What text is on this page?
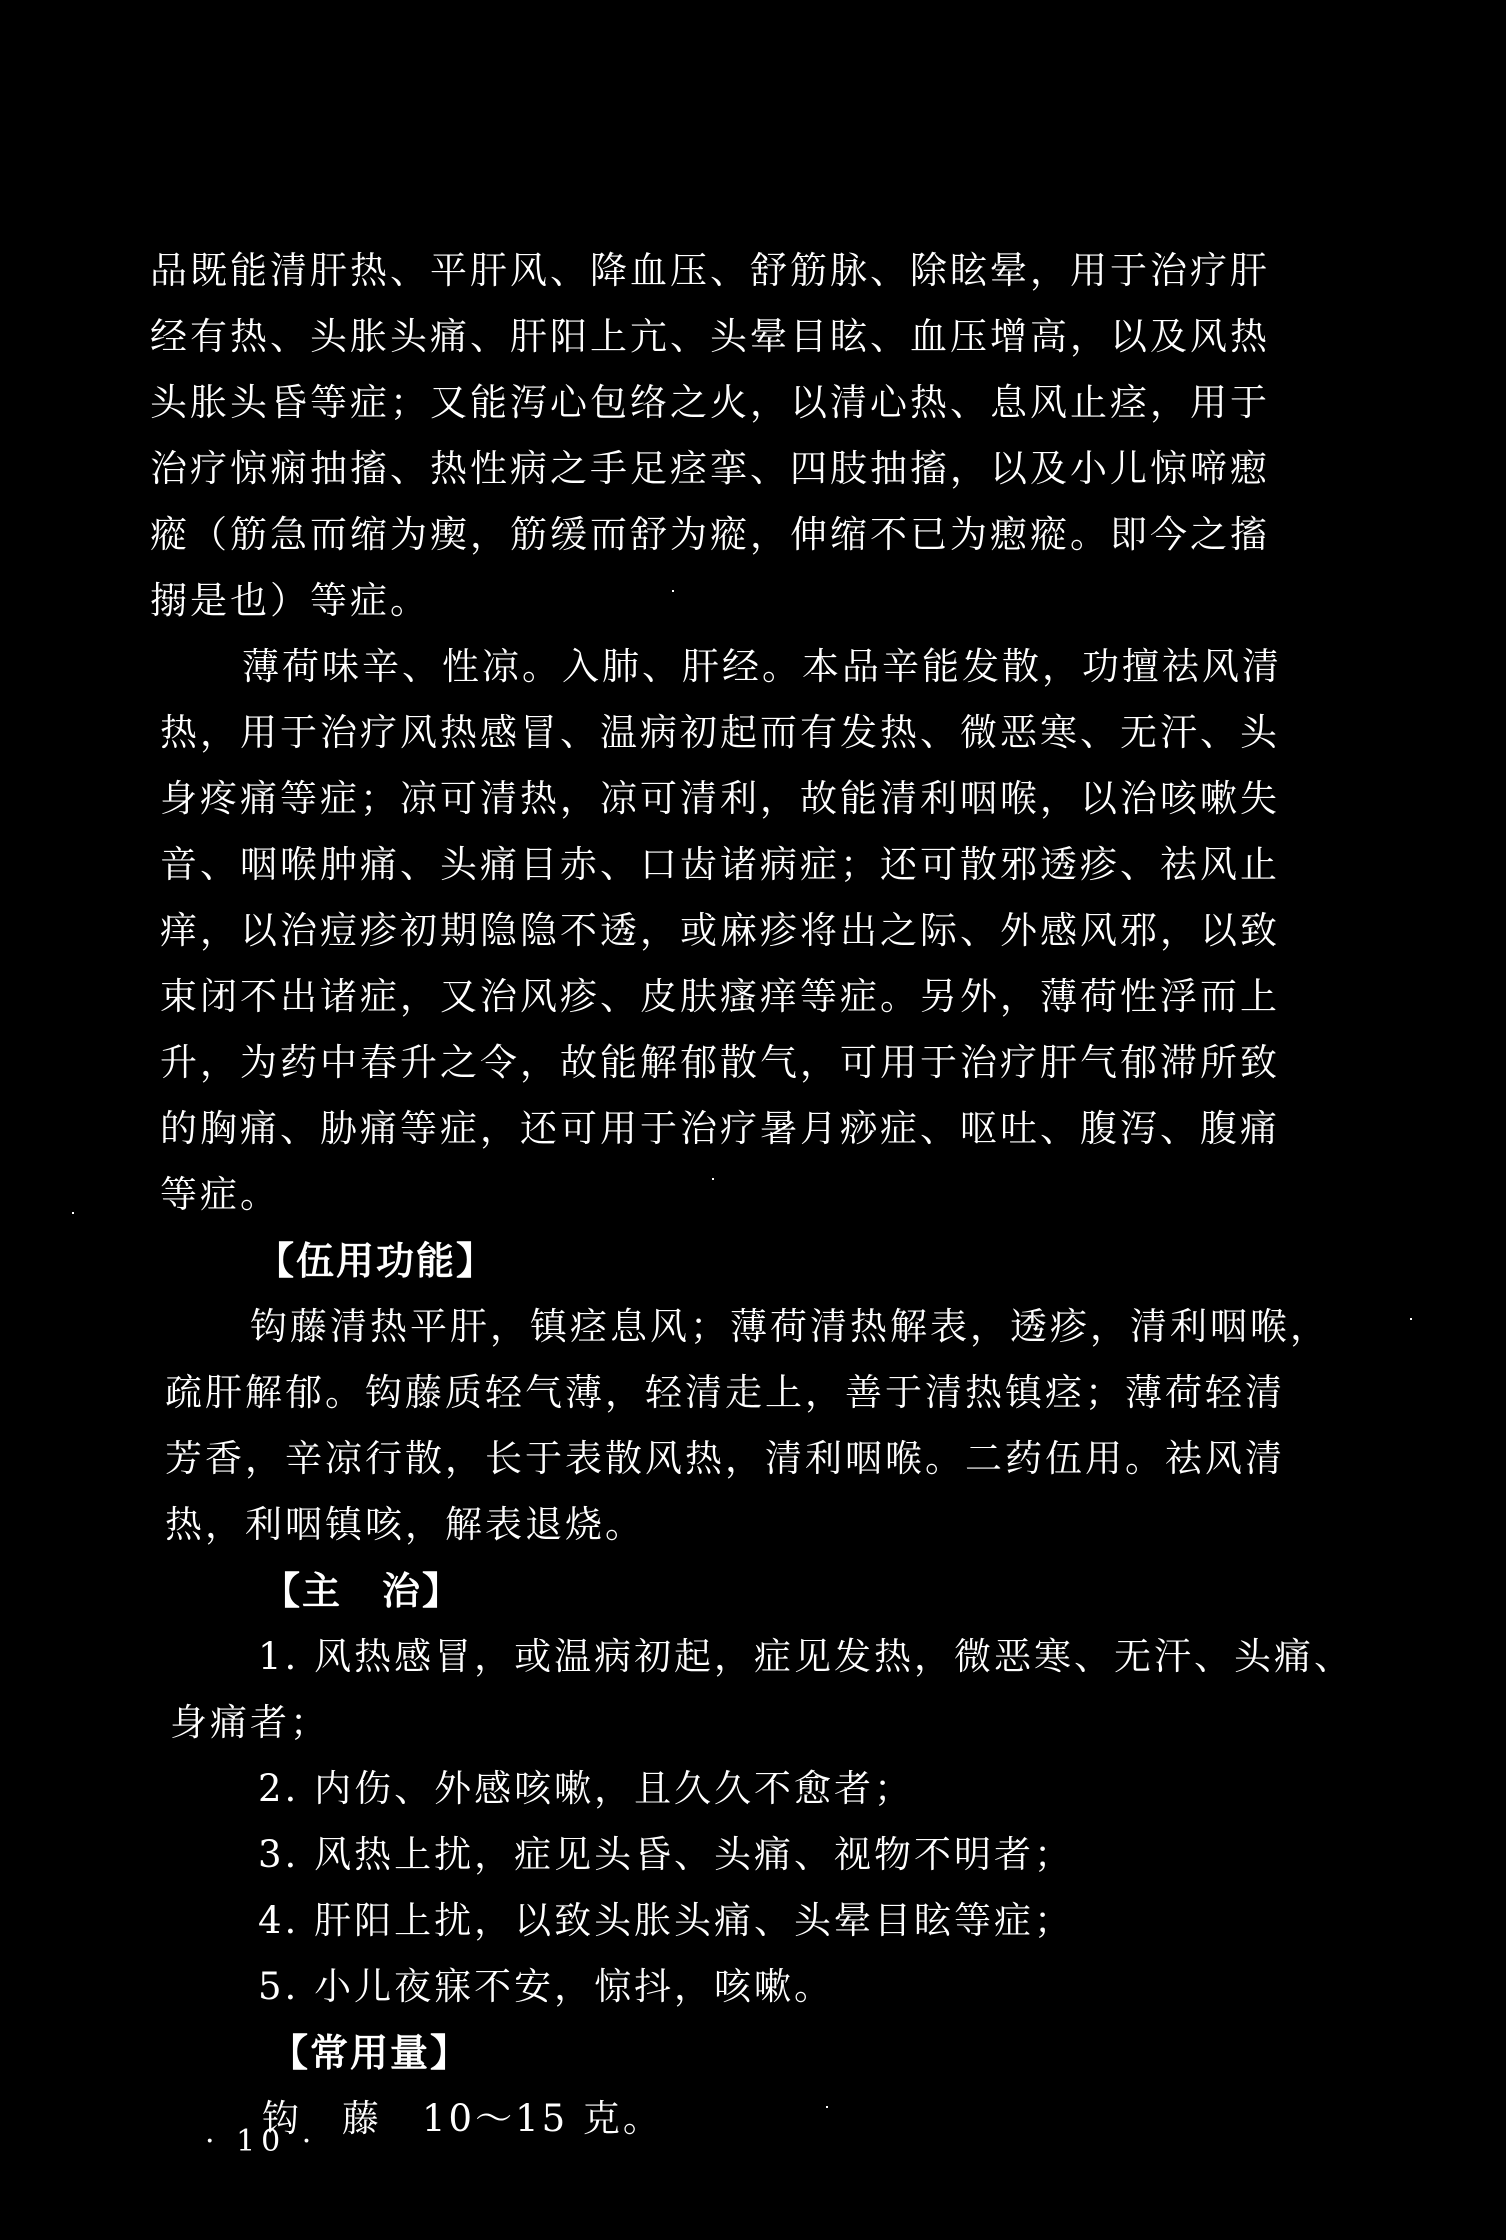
品既能清肝热、平肝风、降血压、舒筋脉、除眩晕，用于治疗肝
经有热、头胀头痛、肝阳上亢、头晕目眩、血压增高，以及风热
头胀头昏等症；又能泻心包络之火，以清心热、息风止痉，用于
治疗惊痫抽搐、热性病之手足痉挛、四肢抽搐，以及小儿惊啼瘛
瘲（筋急而缩为瘈，筋缓而舒为瘲，伸缩不已为瘛瘲。即今之搐
搦是也）等症。
薄荷味辛、性凉。入肺、肝经。本品辛能发散，功擅祛风清
热，用于治疗风热感冒、温病初起而有发热、微恶寒、无汗、头
身疼痛等症；凉可清热，凉可清利，故能清利咽喉，以治咳嗽失
音、咽喉肿痛、头痛目赤、口齿诸病症；还可散邪透疹、祛风止
痒，以治痘疹初期隐隐不透，或麻疹将出之际、外感风邪，以致
束闭不出诸症，又治风疹、皮肤瘙痒等症。另外，薄荷性浮而上
升，为药中春升之令，故能解郁散气，可用于治疗肝气郁滞所致
的胸痛、胁痛等症，还可用于治疗暑月痧症、呕吐、腹泻、腹痛
等症。
【伍用功能】
钩藤清热平肝，镇痉息风；薄荷清热解表，透疹，清利咽喉，
疏肝解郁。钩藤质轻气薄，轻清走上，善于清热镇痉；薄荷轻清
芳香，辛凉行散，长于表散风热，清利咽喉。二药伍用。祛风清
热，利咽镇咳，解表退烧。
【主　治】
1. 风热感冒，或温病初起，症见发热，微恶寒、无汗、头痛、
身痛者；
2. 内伤、外感咳嗽，且久久不愈者；
3. 风热上扰，症见头昏、头痛、视物不明者；
4. 肝阳上扰，以致头胀头痛、头晕目眩等症；
5. 小儿夜寐不安，惊抖，咳嗽。
【常用量】
钩　藤　10～15 克。
· 10 ·
